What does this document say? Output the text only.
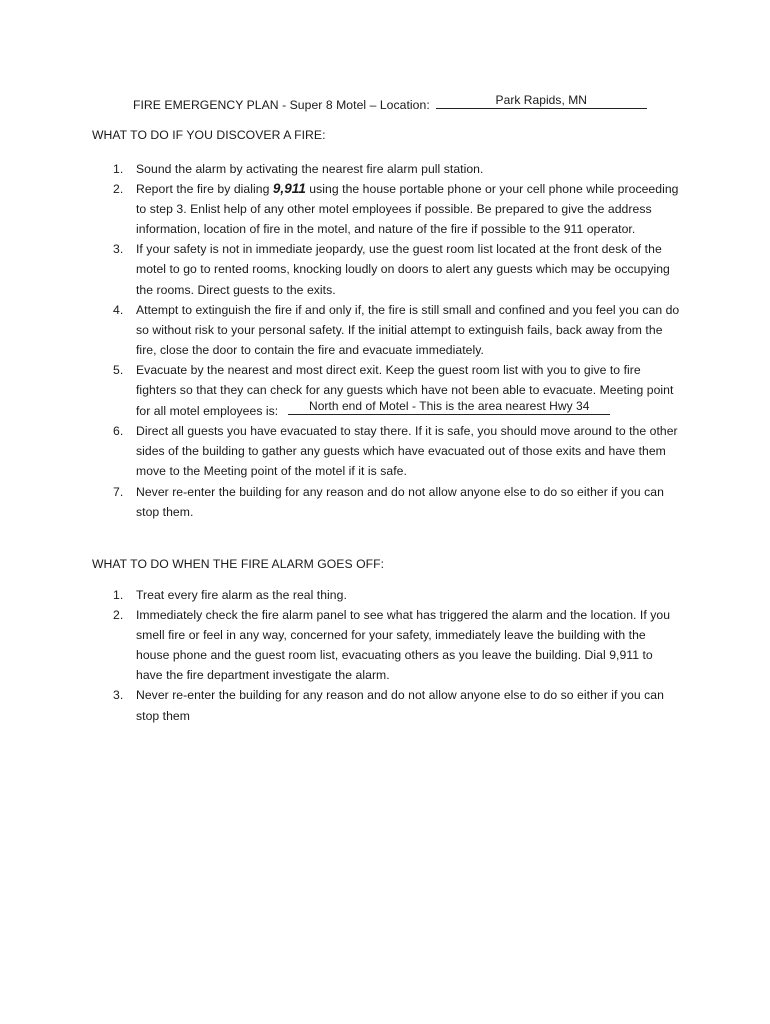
FIRE EMERGENCY PLAN - Super 8 Motel – Location:	Park Rapids, MN
WHAT TO DO IF YOU DISCOVER A FIRE:
1. Sound the alarm by activating the nearest fire alarm pull station.
2. Report the fire by dialing 9,911 using the house portable phone or your cell phone while proceeding to step 3. Enlist help of any other motel employees if possible. Be prepared to give the address information, location of fire in the motel, and nature of the fire if possible to the 911 operator.
3. If your safety is not in immediate jeopardy, use the guest room list located at the front desk of the motel to go to rented rooms, knocking loudly on doors to alert any guests which may be occupying the rooms. Direct guests to the exits.
4. Attempt to extinguish the fire if and only if, the fire is still small and confined and you feel you can do so without risk to your personal safety. If the initial attempt to extinguish fails, back away from the fire, close the door to contain the fire and evacuate immediately.
5. Evacuate by the nearest and most direct exit. Keep the guest room list with you to give to fire fighters so that they can check for any guests which have not been able to evacuate. Meeting point for all motel employees is:	North end of Motel - This is the area nearest Hwy 34
6. Direct all guests you have evacuated to stay there. If it is safe, you should move around to the other sides of the building to gather any guests which have evacuated out of those exits and have them move to the Meeting point of the motel if it is safe.
7. Never re-enter the building for any reason and do not allow anyone else to do so either if you can stop them.
WHAT TO DO WHEN THE FIRE ALARM GOES OFF:
1. Treat every fire alarm as the real thing.
2. Immediately check the fire alarm panel to see what has triggered the alarm and the location. If you smell fire or feel in any way, concerned for your safety, immediately leave the building with the house phone and the guest room list, evacuating others as you leave the building. Dial 9,911 to have the fire department investigate the alarm.
3. Never re-enter the building for any reason and do not allow anyone else to do so either if you can stop them
